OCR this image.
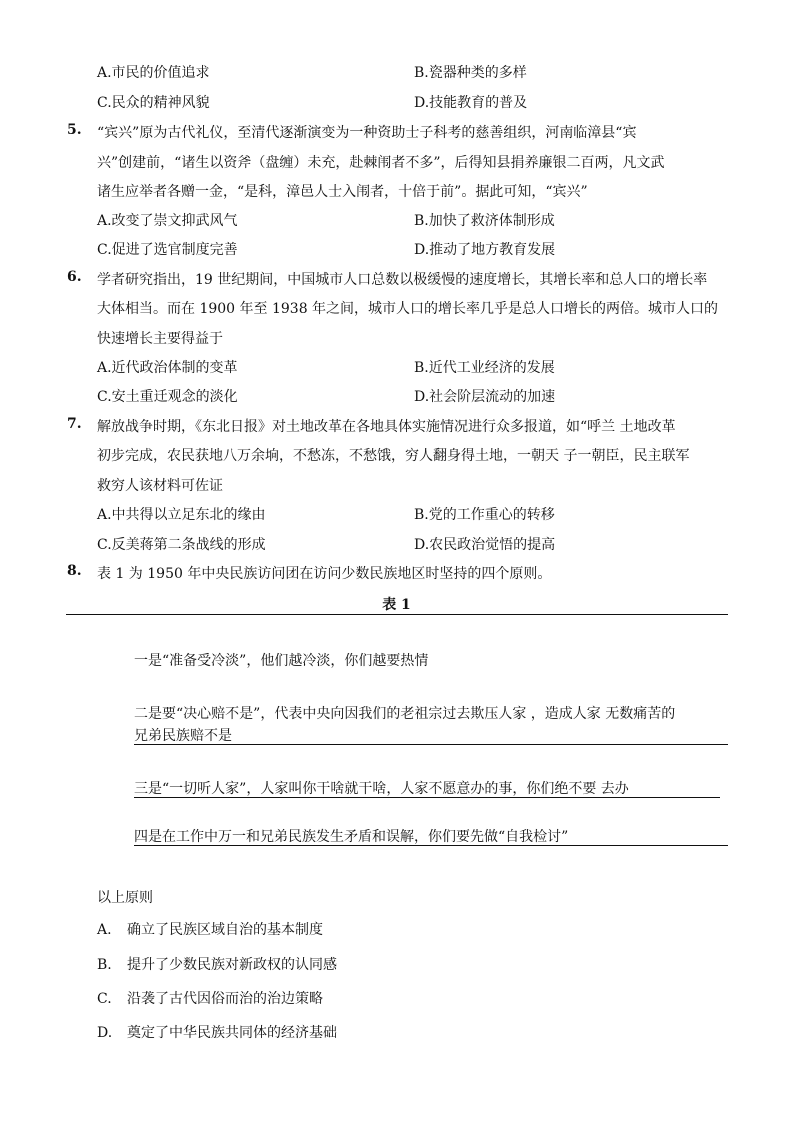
A.市民的价值追求	B.瓷器种类的多样
C.民众的精神风貌	D.技能教育的普及
5. “宾兴”原为古代礼仪，至清代逐渐演变为一种资助士子科考的慈善组织，河南临漳县“宾
兴”创建前，“诸生以资斧（盘缠）未充，赴棘闱者不多”，后得知县捐养廉银二百两，凡文武
诸生应举者各赠一金，“是科，漳邑人士入闱者，十倍于前”。据此可知，“宾兴”
A.改变了崇文抑武风气	B.加快了救济体制形成
C.促进了选官制度完善	D.推动了地方教育发展
6. 学者研究指出，19 世纪期间，中国城市人口总数以极缓慢的速度增长，其增长率和总人口的增长率
大体相当。而在 1900 年至 1938 年之间，城市人口的增长率几乎是总人口增长的两倍。城市人口的
快速增长主要得益于
A.近代政治体制的变革	B.近代工业经济的发展
C.安土重迁观念的淡化	D.社会阶层流动的加速
7. 解放战争时期，《东北日报》对土地改革在各地具体实施情况进行众多报道，如“呼兰 土地改革
初步完成，农民获地八万余垧，不愁冻，不愁饿，穷人翻身得土地，一朝天 子一朝臣，民主联军
救穷人该材料可佐证
A.中共得以立足东北的缘由	B.党的工作重心的转移
C.反美蒋第二条战线的形成	D.农民政治觉悟的提高
8. 表 1 为 1950 年中央民族访问团在访问少数民族地区时坚持的四个原则。
表 1
一是“准备受冷淡”，他们越冷淡，你们越要热情
二是要“决心赔不是”，代表中央向因我们的老祖宗过去欺压人家 ，造成人家 无数痛苦的
兄弟民族赔不是
三是“一切听人家”，人家叫你干啥就干啥，人家不愿意办的事，你们绝不要 去办
四是在工作中万一和兄弟民族发生矛盾和误解，你们要先做“自我检讨”
以上原则
A. 确立了民族区域自治的基本制度
B. 提升了少数民族对新政权的认同感
C. 沿袭了古代因俗而治的治边策略
D. 奠定了中华民族共同体的经济基础
